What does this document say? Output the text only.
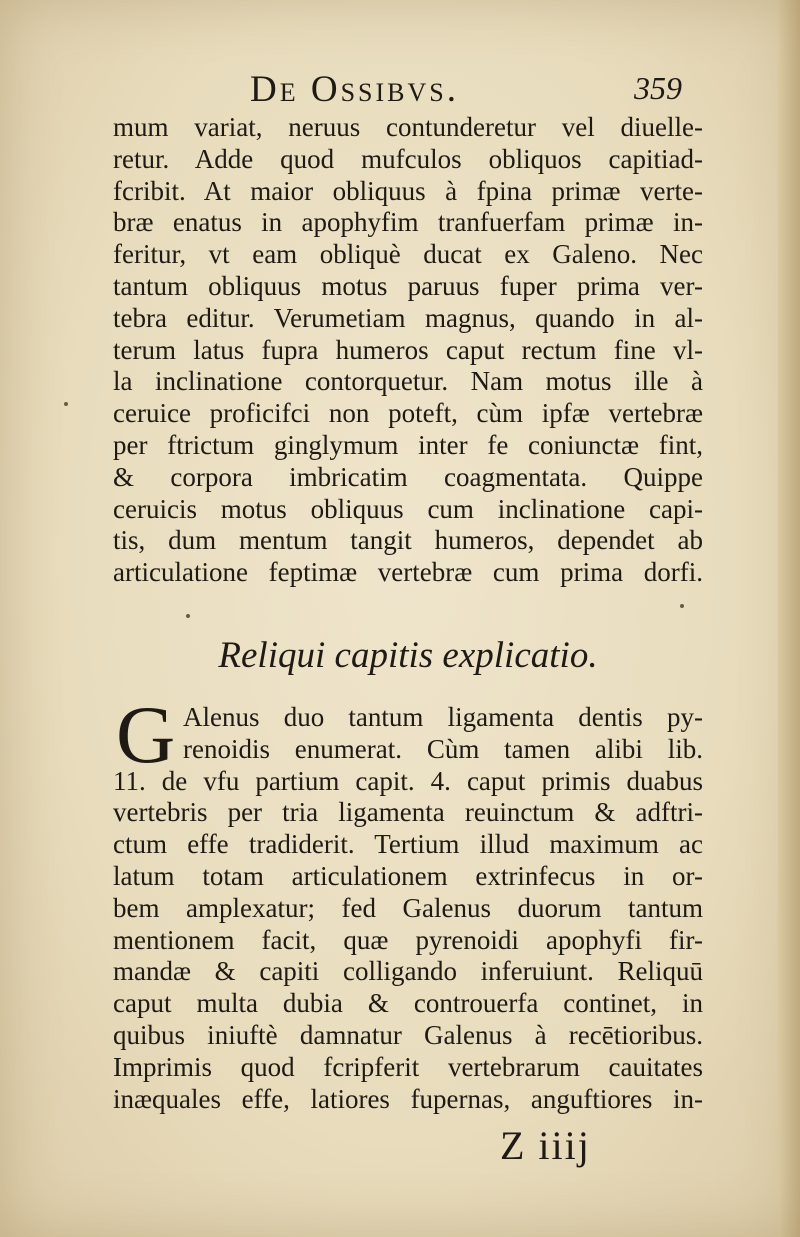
De Ossibvs.	359
mum variat, neruus contunderetur vel diuelle-
retur. Adde quod mufculos obliquos capitiad-
fcribit. At maior obliquus à fpina primæ verte-
bræ enatus in apophyfim tranfuerfam primæ in-
feritur, vt eam obliquè ducat ex Galeno. Nec
tantum obliquus motus paruus fuper prima ver-
tebra editur. Verumetiam magnus, quando in al-
terum latus fupra humeros caput rectum fine vl-
la inclinatione contorquetur. Nam motus ille à
ceruice proficifci non poteft, cùm ipfæ vertebræ
per ftrictum ginglymum inter fe coniunctæ fint,
& corpora imbricatim coagmentata. Quippe
ceruicis motus obliquus cum inclinatione capi-
tis, dum mentum tangit humeros, dependet ab
articulatione feptimæ vertebræ cum prima dorfi.
Reliqui capitis explicatio.
G Alenus duo tantum ligamenta dentis py-
renoidis enumerat. Cùm tamen alibi lib.
11. de vfu partium capit. 4. caput primis duabus
vertebris per tria ligamenta reuinctum & adftri-
ctum effe tradiderit. Tertium illud maximum ac
latum totam articulationem extrinfecus in or-
bem amplexatur; fed Galenus duorum tantum
mentionem facit, quæ pyrenoidi apophyfi fir-
mandæ & capiti colligando inferuiunt. Reliquū
caput multa dubia & controuerfa continet, in
quibus iniuftè damnatur Galenus à recētioribus.
Imprimis quod fcripferit vertebrarum cauitates
inæquales effe, latiores fupernas, anguftiores in-
Z iiij
